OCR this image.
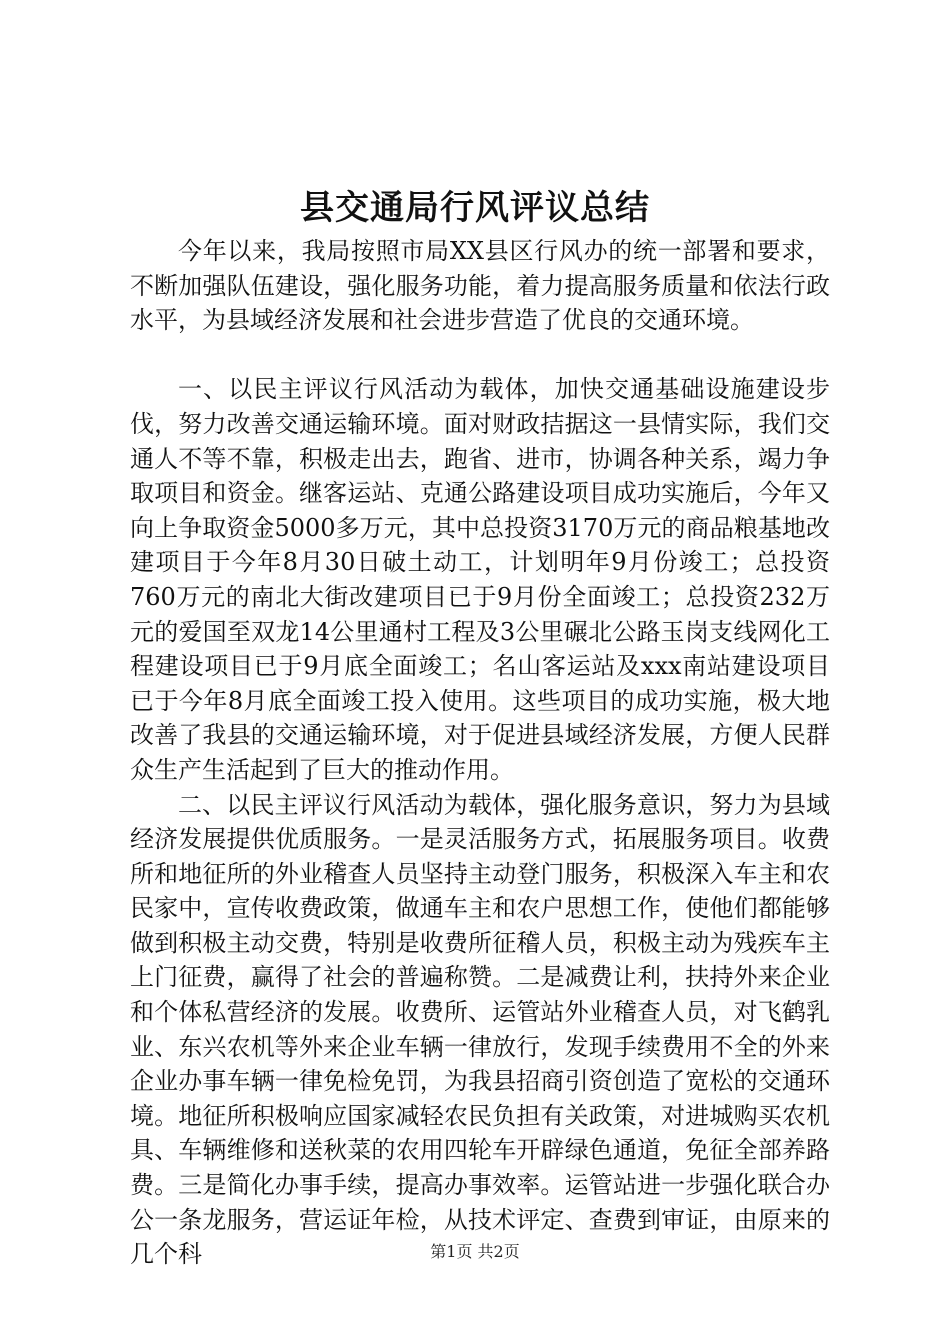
县交通局行风评议总结

今年以来，我局按照市局XX县区行风办的统一部署和要求，不断加强队伍建设，强化服务功能，着力提高服务质量和依法行政水平，为县域经济发展和社会进步营造了优良的交通环境。

一、以民主评议行风活动为载体，加快交通基础设施建设步伐，努力改善交通运输环境。面对财政拮据这一县情实际，我们交通人不等不靠，积极走出去，跑省、进市，协调各种关系，竭力争取项目和资金。继客运站、克通公路建设项目成功实施后，今年又向上争取资金5000多万元，其中总投资3170万元的商品粮基地改建项目于今年8月30日破土动工，计划明年9月份竣工；总投资760万元的南北大街改建项目已于9月份全面竣工；总投资232万元的爱国至双龙14公里通村工程及3公里碾北公路玉岗支线网化工程建设项目已于9月底全面竣工；名山客运站及xxx南站建设项目已于今年8月底全面竣工投入使用。这些项目的成功实施，极大地改善了我县的交通运输环境，对于促进县域经济发展，方便人民群众生产生活起到了巨大的推动作用。

二、以民主评议行风活动为载体，强化服务意识，努力为县域经济发展提供优质服务。一是灵活服务方式，拓展服务项目。收费所和地征所的外业稽查人员坚持主动登门服务，积极深入车主和农民家中，宣传收费政策，做通车主和农户思想工作，使他们都能够做到积极主动交费，特别是收费所征稽人员，积极主动为残疾车主上门征费，赢得了社会的普遍称赞。二是减费让利，扶持外来企业和个体私营经济的发展。收费所、运管站外业稽查人员，对飞鹤乳业、东兴农机等外来企业车辆一律放行，发现手续费用不全的外来企业办事车辆一律免检免罚，为我县招商引资创造了宽松的交通环境。地征所积极响应国家减轻农民负担有关政策，对进城购买农机具、车辆维修和送秋菜的农用四轮车开辟绿色通道，免征全部养路费。三是简化办事手续，提高办事效率。运管站进一步强化联合办公一条龙服务，营运证年检，从技术评定、查费到审证，由原来的几个科	第1页 共2页
